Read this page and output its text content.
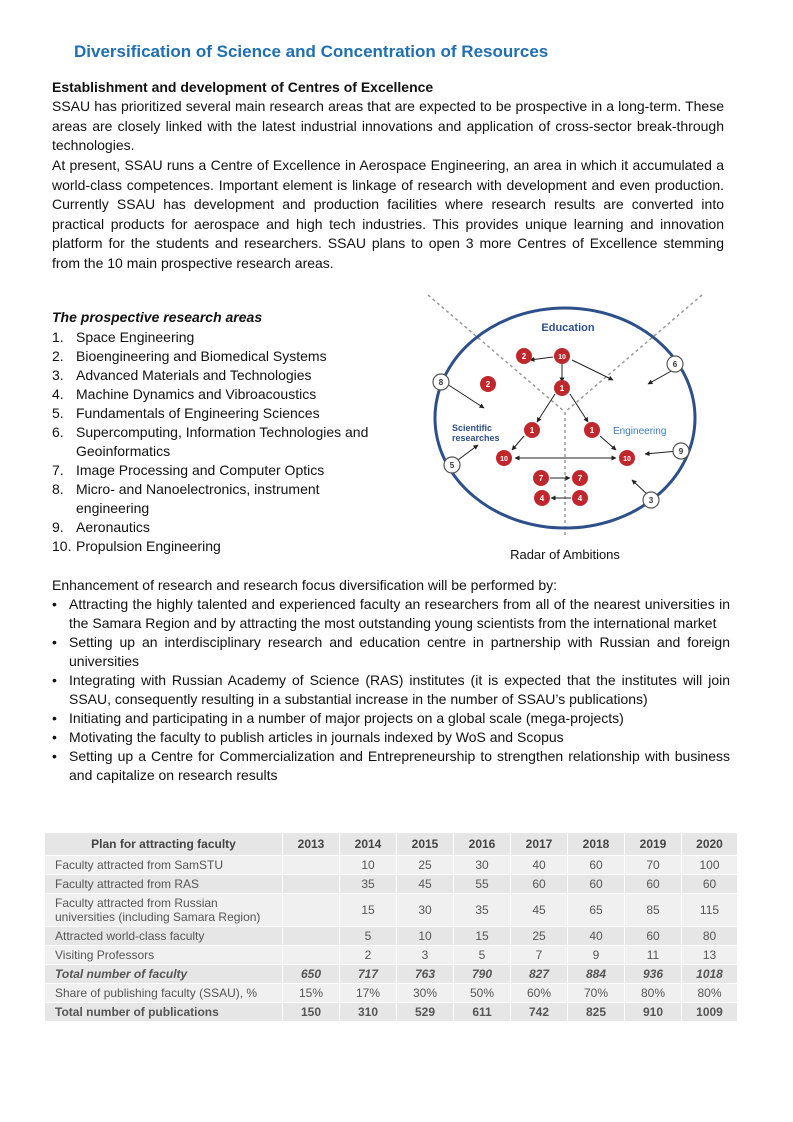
Diversification of Science and Concentration of Resources
Establishment and development of Centres of Excellence

SSAU has prioritized several main research areas that are expected to be prospective in a long-term. These areas are closely linked with the latest industrial innovations and application of cross-sector break-through technologies.

At present, SSAU runs a Centre of Excellence in Aerospace Engineering, an area in which it accumulated a world-class competences. Important element is linkage of research with development and even production. Currently SSAU has development and production facilities where research results are converted into practical products for aerospace and high tech industries. This provides unique learning and innovation platform for the students and researchers. SSAU plans to open 3 more Centres of Excellence stemming from the 10 main prospective research areas.

The prospective research areas
1. Space Engineering
2. Bioengineering and Biomedical Systems
3. Advanced Materials and Technologies
4. Machine Dynamics and Vibroacoustics
5. Fundamentals of Engineering Sciences
6. Supercomputing, Information Technologies and Geoinformatics
7. Image Processing and Computer Optics
8. Micro- and Nanoelectronics, instrument engineering
9. Aeronautics
10. Propulsion Engineering
Education
Scientific
researches
Engineering
8
6
5
9
3
2	10
2	1
1	1
10	10
7	7
4	4
Radar of Ambitions
Enhancement of research and research focus diversification will be performed by:
• Attracting the highly talented and experienced faculty an researchers from all of the nearest universities in the Samara Region and by attracting the most outstanding young scientists from the international market
• Setting up an interdisciplinary research and education centre in partnership with Russian and foreign universities
• Integrating with Russian Academy of Science (RAS) institutes (it is expected that the institutes will join SSAU, consequently resulting in a substantial increase in the number of SSAU’s publications)
• Initiating and participating in a number of major projects on a global scale (mega-projects)
• Motivating the faculty to publish articles in journals indexed by WoS and Scopus
• Setting up a Centre for Commercialization and Entrepreneurship to strengthen relationship with business and capitalize on research results
Plan for attracting faculty	2013	2014	2015	2016	2017	2018	2019	2020
Faculty attracted from SamSTU		10	25	30	40	60	70	100
Faculty attracted from RAS		35	45	55	60	60	60	60
Faculty attracted from Russian universities (including Samara Region)		15	30	35	45	65	85	115
Attracted world-class faculty		5	10	15	25	40	60	80
Visiting Professors		2	3	5	7	9	11	13
Total number of faculty	650	717	763	790	827	884	936	1018
Share of publishing faculty (SSAU), %	15%	17%	30%	50%	60%	70%	80%	80%
Total number of publications	150	310	529	611	742	825	910	1009
